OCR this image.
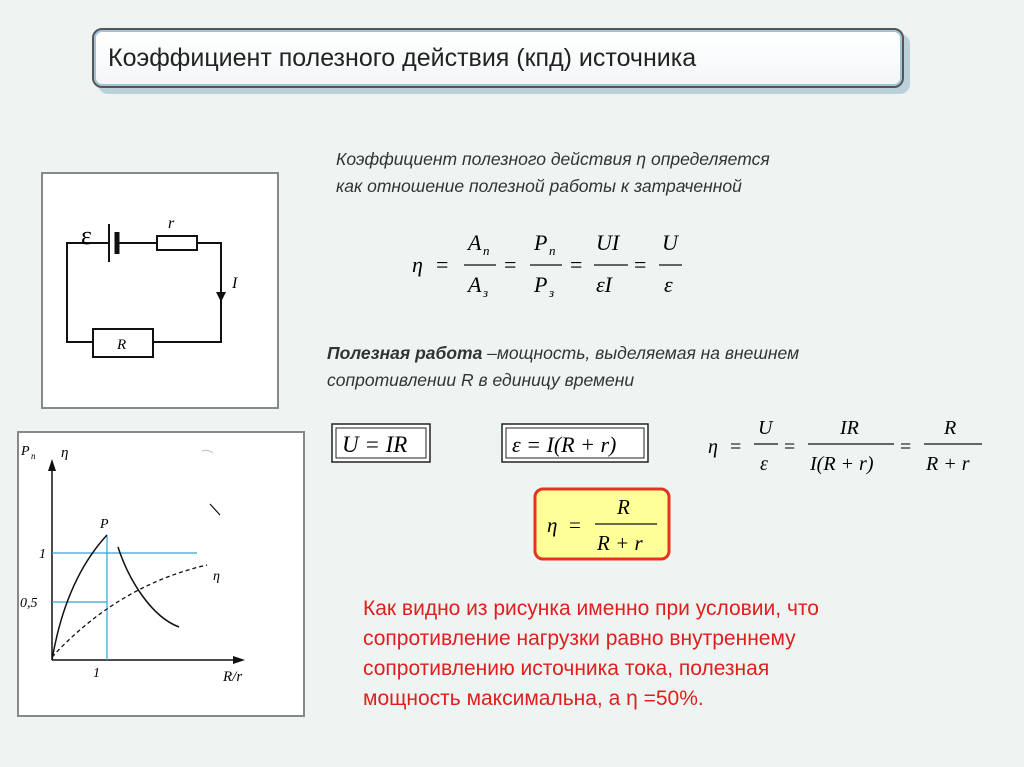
Коэффициент полезного действия (кпд) источника
Коэффициент полезного действия η определяется
как отношение полезной работы к затраченной
Полезная работа –мощность, выделяемая на внешнем
сопротивлении R в единицу времени
ε	r
I
R
P п η
P
η
1
0,5
1	R/r
η =
A п
A з
=
P п
P з
=
UI
εI
=
U
ε
U = IR	ε = I(R + r)	η =
U
ε
=
IR
I(R + r)
=
R
R + r
η =
R
R + r
Как видно из рисунка именно при условии, что
сопротивление нагрузки равно внутреннему
сопротивлению источника тока, полезная
мощность максимальна, а η =50%.
